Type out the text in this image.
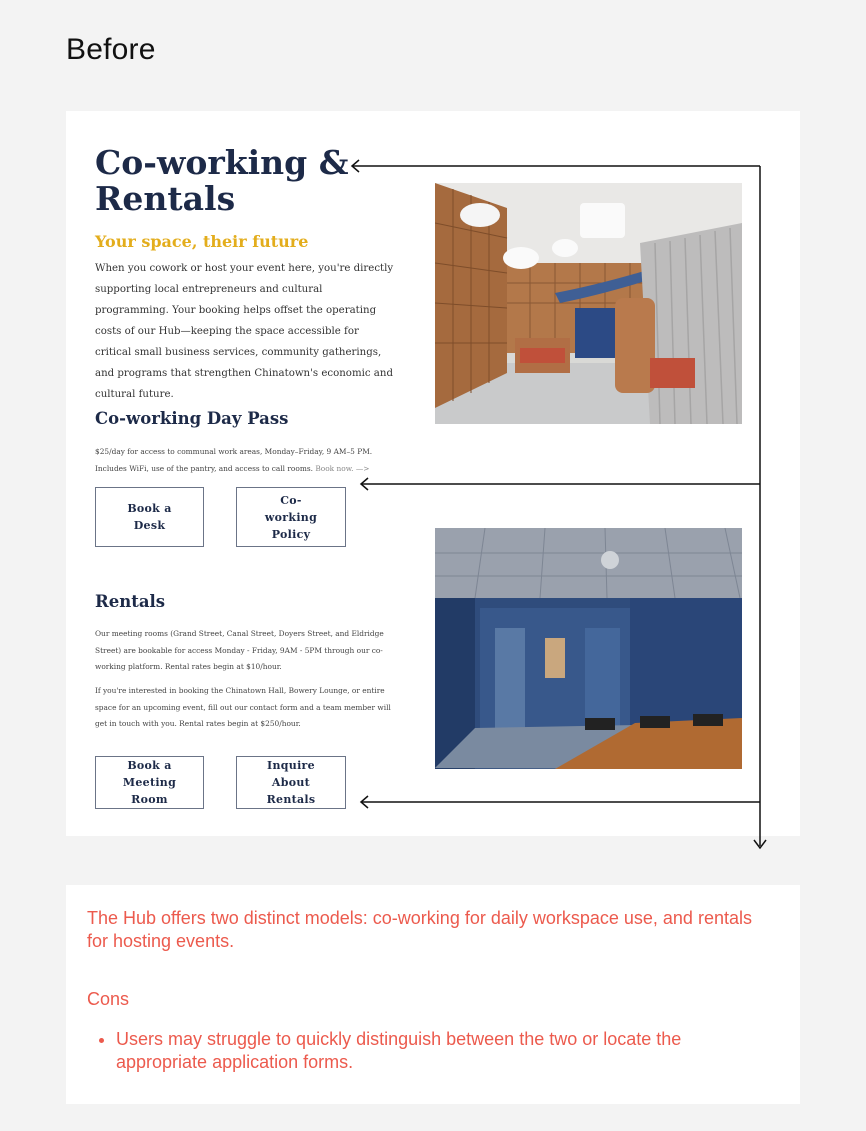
Before
Co-working & Rentals
Your space, their future
When you cowork or host your event here, you're directly supporting local entrepreneurs and cultural programming. Your booking helps offset the operating costs of our Hub—keeping the space accessible for critical small business services, community gatherings, and programs that strengthen Chinatown's economic and cultural future.
Co-working Day Pass
$25/day for access to communal work areas, Monday–Friday, 9 AM–5 PM. Includes WiFi, use of the pantry, and access to call rooms. Book now. —>
Book a Desk
Co-working Policy
Rentals
Our meeting rooms (Grand Street, Canal Street, Doyers Street, and Eldridge Street) are bookable for access Monday - Friday, 9AM - 5PM through our co-working platform. Rental rates begin at $10/hour.
If you're interested in booking the Chinatown Hall, Bowery Lounge, or entire space for an upcoming event, fill out our contact form and a team member will get in touch with you. Rental rates begin at $250/hour.
Book a Meeting Room
Inquire About Rentals
The Hub offers two distinct models: co-working for daily workspace use, and rentals for hosting events.
Cons
• Users may struggle to quickly distinguish between the two or locate the appropriate application forms.
